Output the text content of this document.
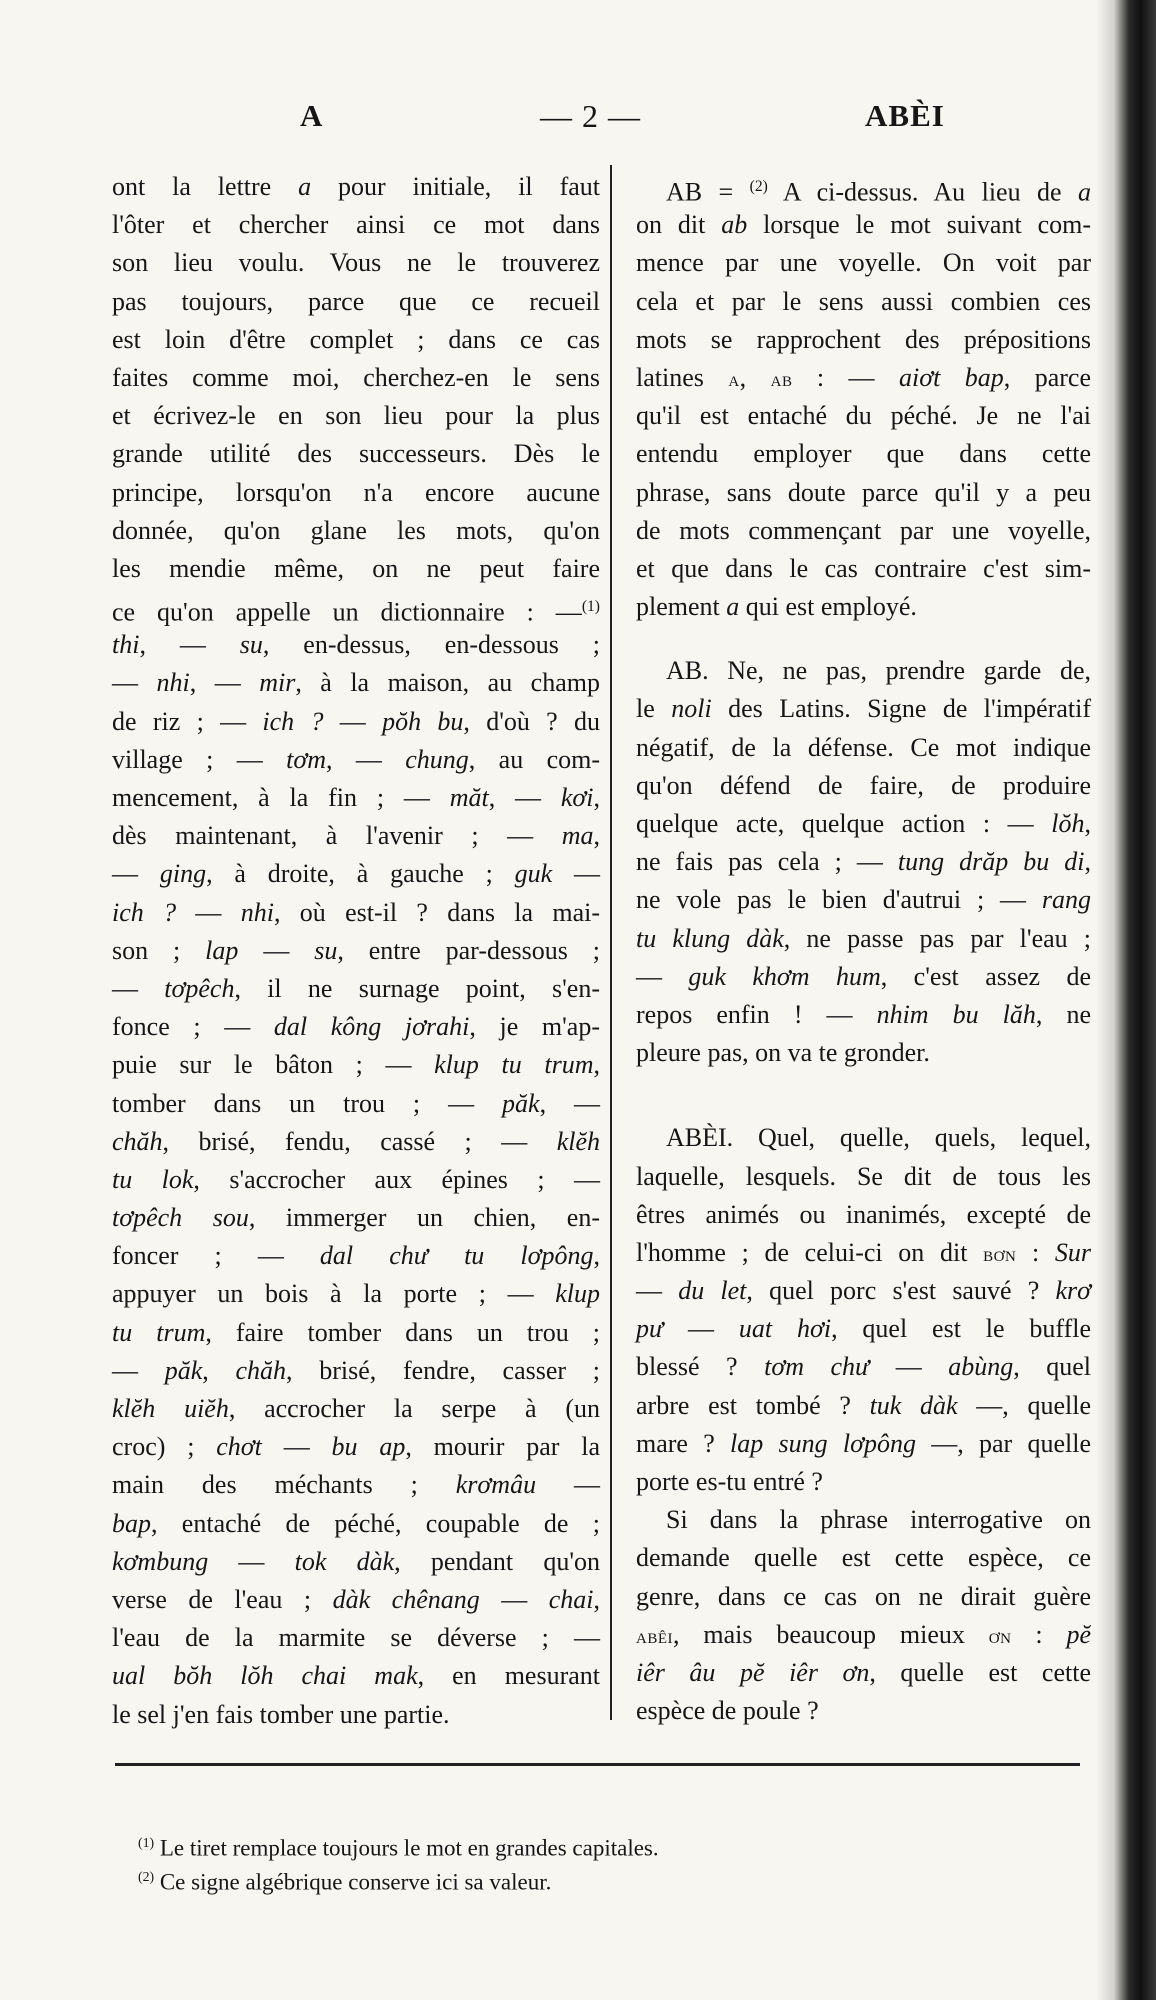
A	— 2 —	ABÈI
ont la lettre a pour initiale, il faut
l'ôter et chercher ainsi ce mot dans
son lieu voulu. Vous ne le trouverez
pas toujours, parce que ce recueil
est loin d'être complet ; dans ce cas
faites comme moi, cherchez-en le sens
et écrivez-le en son lieu pour la plus
grande utilité des successeurs. Dès le
principe, lorsqu'on n'a encore aucune
donnée, qu'on glane les mots, qu'on
les mendie même, on ne peut faire
ce qu'on appelle un dictionnaire : —$^{(1)}$
thi, — su, en-dessus, en-dessous ;
— nhi, — mir, à la maison, au champ
de riz ; — ich ? — pŏh bu, d'où ? du
village ; — tơm, — chung, au com-
mencement, à la fin ; — măt, — kơi,
dès maintenant, à l'avenir ; — ma,
— ging, à droite, à gauche ; guk —
ich ? — nhi, où est-il ? dans la mai-
son ; lap — su, entre par-dessous ;
— tơpêch, il ne surnage point, s'en-
fonce ; — dal kông jơrahi, je m'ap-
puie sur le bâton ; — klup tu trum,
tomber dans un trou ; — păk, —
chăh, brisé, fendu, cassé ; — klĕh
tu lok, s'accrocher aux épines ; —
tơpêch sou, immerger un chien, en-
foncer ; — dal chư tu lơpông,
appuyer un bois à la porte ; — klup
tu trum, faire tomber dans un trou ;
— păk, chăh, brisé, fendre, casser ;
klĕh uiĕh, accrocher la serpe à (un
croc) ; chơt — bu ap, mourir par la
main des méchants ; krơmâu —
bap, entaché de péché, coupable de ;
kơmbung — tok dàk, pendant qu'on
verse de l'eau ; dàk chênang — chai,
l'eau de la marmite se déverse ; —
ual bŏh lŏh chai mak, en mesurant
le sel j'en fais tomber une partie.
AB = $^{(2)}$ A ci-dessus. Au lieu de a
on dit ab lorsque le mot suivant com-
mence par une voyelle. On voit par
cela et par le sens aussi combien ces
mots se rapprochent des prépositions
latines a, ab : — aiơt bap, parce
qu'il est entaché du péché. Je ne l'ai
entendu employer que dans cette
phrase, sans doute parce qu'il y a peu
de mots commençant par une voyelle,
et que dans le cas contraire c'est sim-
plement a qui est employé.
AB. Ne, ne pas, prendre garde de,
le noli des Latins. Signe de l'impératif
négatif, de la défense. Ce mot indique
qu'on défend de faire, de produire
quelque acte, quelque action : — lŏh,
ne fais pas cela ; — tung drăp bu di,
ne vole pas le bien d'autrui ; — rang
tu klung dàk, ne passe pas par l'eau ;
— guk khơm hum, c'est assez de
repos enfin ! — nhim bu lăh, ne
pleure pas, on va te gronder.
ABÈI. Quel, quelle, quels, lequel,
laquelle, lesquels. Se dit de tous les
êtres animés ou inanimés, excepté de
l'homme ; de celui-ci on dit bơn : Sur
— du let, quel porc s'est sauvé ? krơ
pư — uat hơi, quel est le buffle
blessé ? tơm chư — abùng, quel
arbre est tombé ? tuk dàk —, quelle
mare ? lap sung lơpông —, par quelle
porte es-tu entré ?
Si dans la phrase interrogative on
demande quelle est cette espèce, ce
genre, dans ce cas on ne dirait guère
abêi, mais beaucoup mieux ơn : pĕ
iêr âu pĕ iêr ơn, quelle est cette
espèce de poule ?
$^{(1)}$ Le tiret remplace toujours le mot en grandes capitales.
$^{(2)}$ Ce signe algébrique conserve ici sa valeur.
